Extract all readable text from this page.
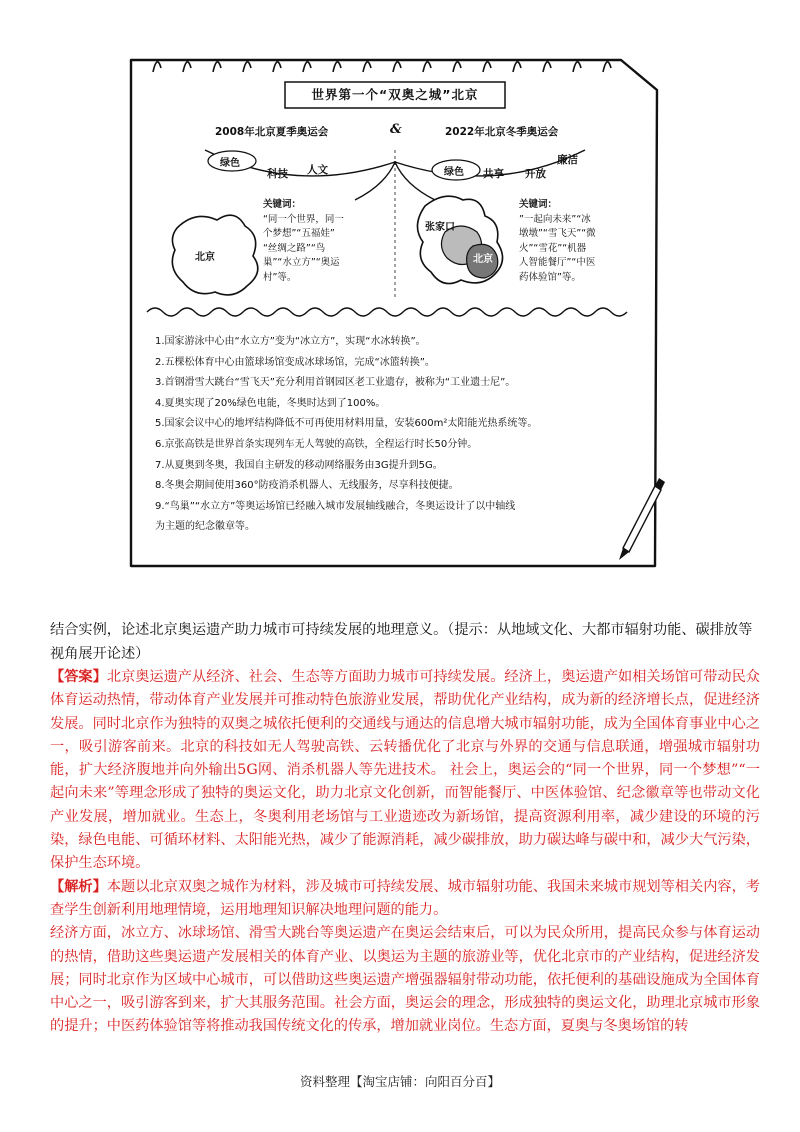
世界第一个“双奥之城”北京
2008年北京夏季奥运会	&	2022年北京冬季奥运会
绿色
科技 人文	绿色 共享 开放
廉洁
北京
张家口
北京
关键词：
“同一个世界，同一
个梦想”“五福娃”
“丝绸之路”“鸟
巢”“水立方”“奥运
村”等。
关键词：
”一起向未来”“冰
墩墩”“雪飞天”“微
火”“雪花”“机器
人智能餐厅”“中医
药体验馆”等。
1.国家游泳中心由“水立方”变为“冰立方”，实现“水冰转换”。
2.五棵松体育中心由篮球场馆变成冰球场馆，完成“冰篮转换”。
3.首钢滑雪大跳台“雪飞天”充分利用首钢园区老工业遗存，被称为“工业遗士尼”。
4.夏奥实现了20%绿色电能，冬奥时达到了100%。
5.国家会议中心的地坪结构降低不可再使用材料用量，安装600m²太阳能光热系统等。
6.京张高铁是世界首条实现列车无人驾驶的高铁，全程运行时长50分钟。
7.从夏奥到冬奥，我国自主研发的移动网络服务由3G提升到5G。
8.冬奥会期间使用360°防疫消杀机器人、无线服务，尽享科技便捷。
9.“鸟巢”“水立方”等奥运场馆已经融入城市发展轴线融合，冬奥运设计了以中轴线
为主题的纪念徽章等。
结合实例，论述北京奥运遗产助力城市可持续发展的地理意义。（提示：从地域文化、大都市辐射功能、碳排放等视角展开论述）

【答案】北京奥运遗产从经济、社会、生态等方面助力城市可持续发展。经济上，奥运遗产如相关场馆可带动民众体育运动热情，带动体育产业发展并可推动特色旅游业发展，帮助优化产业结构，成为新的经济增长点，促进经济发展。同时北京作为独特的双奥之城依托便利的交通线与通达的信息增大城市辐射功能，成为全国体育事业中心之一，吸引游客前来。北京的科技如无人驾驶高铁、云转播优化了北京与外界的交通与信息联通，增强城市辐射功能，扩大经济腹地并向外输出5G网、消杀机器人等先进技术。 社会上，奥运会的“同一个世界，同一个梦想”“一起向未来”等理念形成了独特的奥运文化，助力北京文化创新，而智能餐厅、中医体验馆、纪念徽章等也带动文化产业发展，增加就业。生态上，冬奥利用老场馆与工业遗迹改为新场馆，提高资源利用率，减少建设的环境的污染，绿色电能、可循环材料、太阳能光热，减少了能源消耗，减少碳排放，助力碳达峰与碳中和，减少大气污染，保护生态环境。

【解析】本题以北京双奥之城作为材料，涉及城市可持续发展、城市辐射功能、我国未来城市规划等相关内容，考查学生创新利用地理情境，运用地理知识解决地理问题的能力。

经济方面，冰立方、冰球场馆、滑雪大跳台等奥运遗产在奥运会结束后，可以为民众所用，提高民众参与体育运动的热情，借助这些奥运遗产发展相关的体育产业、以奥运为主题的旅游业等，优化北京市的产业结构，促进经济发展；同时北京作为区域中心城市，可以借助这些奥运遗产增强器辐射带动功能，依托便利的基础设施成为全国体育中心之一，吸引游客到来，扩大其服务范围。社会方面，奥运会的理念，形成独特的奥运文化，助理北京城市形象的提升；中医药体验馆等将推动我国传统文化的传承，增加就业岗位。生态方面，夏奥与冬奥场馆的转

资料整理【淘宝店铺：向阳百分百】
